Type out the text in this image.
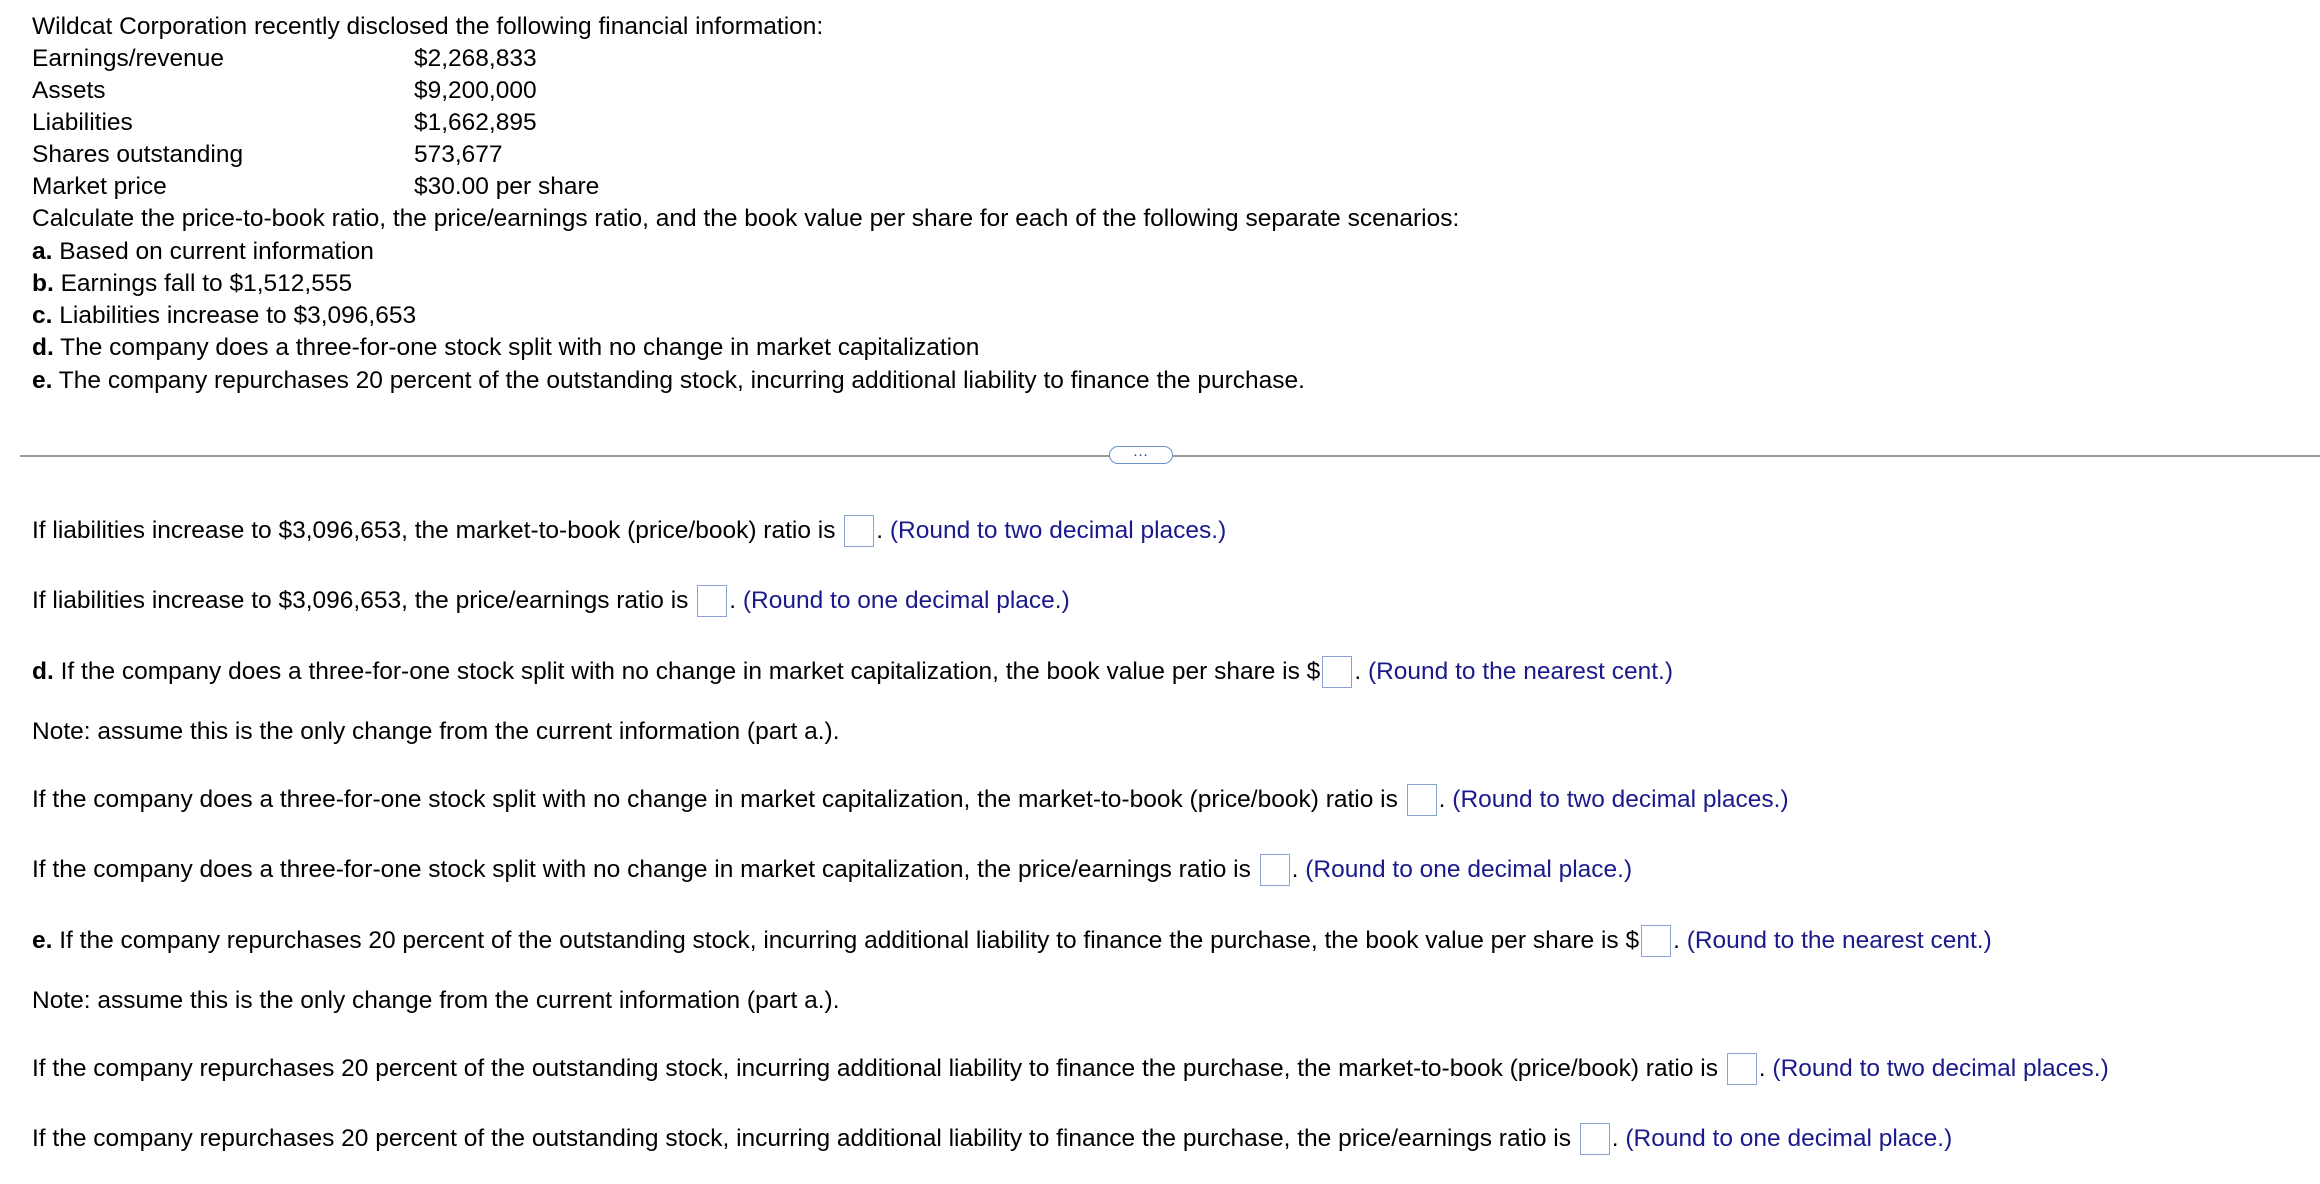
Wildcat Corporation recently disclosed the following financial information:
Earnings/revenue	$2,268,833
Assets	$9,200,000
Liabilities	$1,662,895
Shares outstanding	573,677
Market price	$30.00 per share
Calculate the price-to-book ratio, the price/earnings ratio, and the book value per share for each of the following separate scenarios:
a. Based on current information
b. Earnings fall to $1,512,555
c. Liabilities increase to $3,096,653
d. The company does a three-for-one stock split with no change in market capitalization
e. The company repurchases 20 percent of the outstanding stock, incurring additional liability to finance the purchase.
…
If liabilities increase to $3,096,653, the market-to-book (price/book) ratio is . (Round to two decimal places.)
If liabilities increase to $3,096,653, the price/earnings ratio is . (Round to one decimal place.)
d. If the company does a three-for-one stock split with no change in market capitalization, the book value per share is $ . (Round to the nearest cent.)
Note: assume this is the only change from the current information (part a.).
If the company does a three-for-one stock split with no change in market capitalization, the market-to-book (price/book) ratio is . (Round to two decimal places.)
If the company does a three-for-one stock split with no change in market capitalization, the price/earnings ratio is . (Round to one decimal place.)
e. If the company repurchases 20 percent of the outstanding stock, incurring additional liability to finance the purchase, the book value per share is $ . (Round to the nearest cent.)
Note: assume this is the only change from the current information (part a.).
If the company repurchases 20 percent of the outstanding stock, incurring additional liability to finance the purchase, the market-to-book (price/book) ratio is . (Round to two decimal places.)
If the company repurchases 20 percent of the outstanding stock, incurring additional liability to finance the purchase, the price/earnings ratio is . (Round to one decimal place.)
